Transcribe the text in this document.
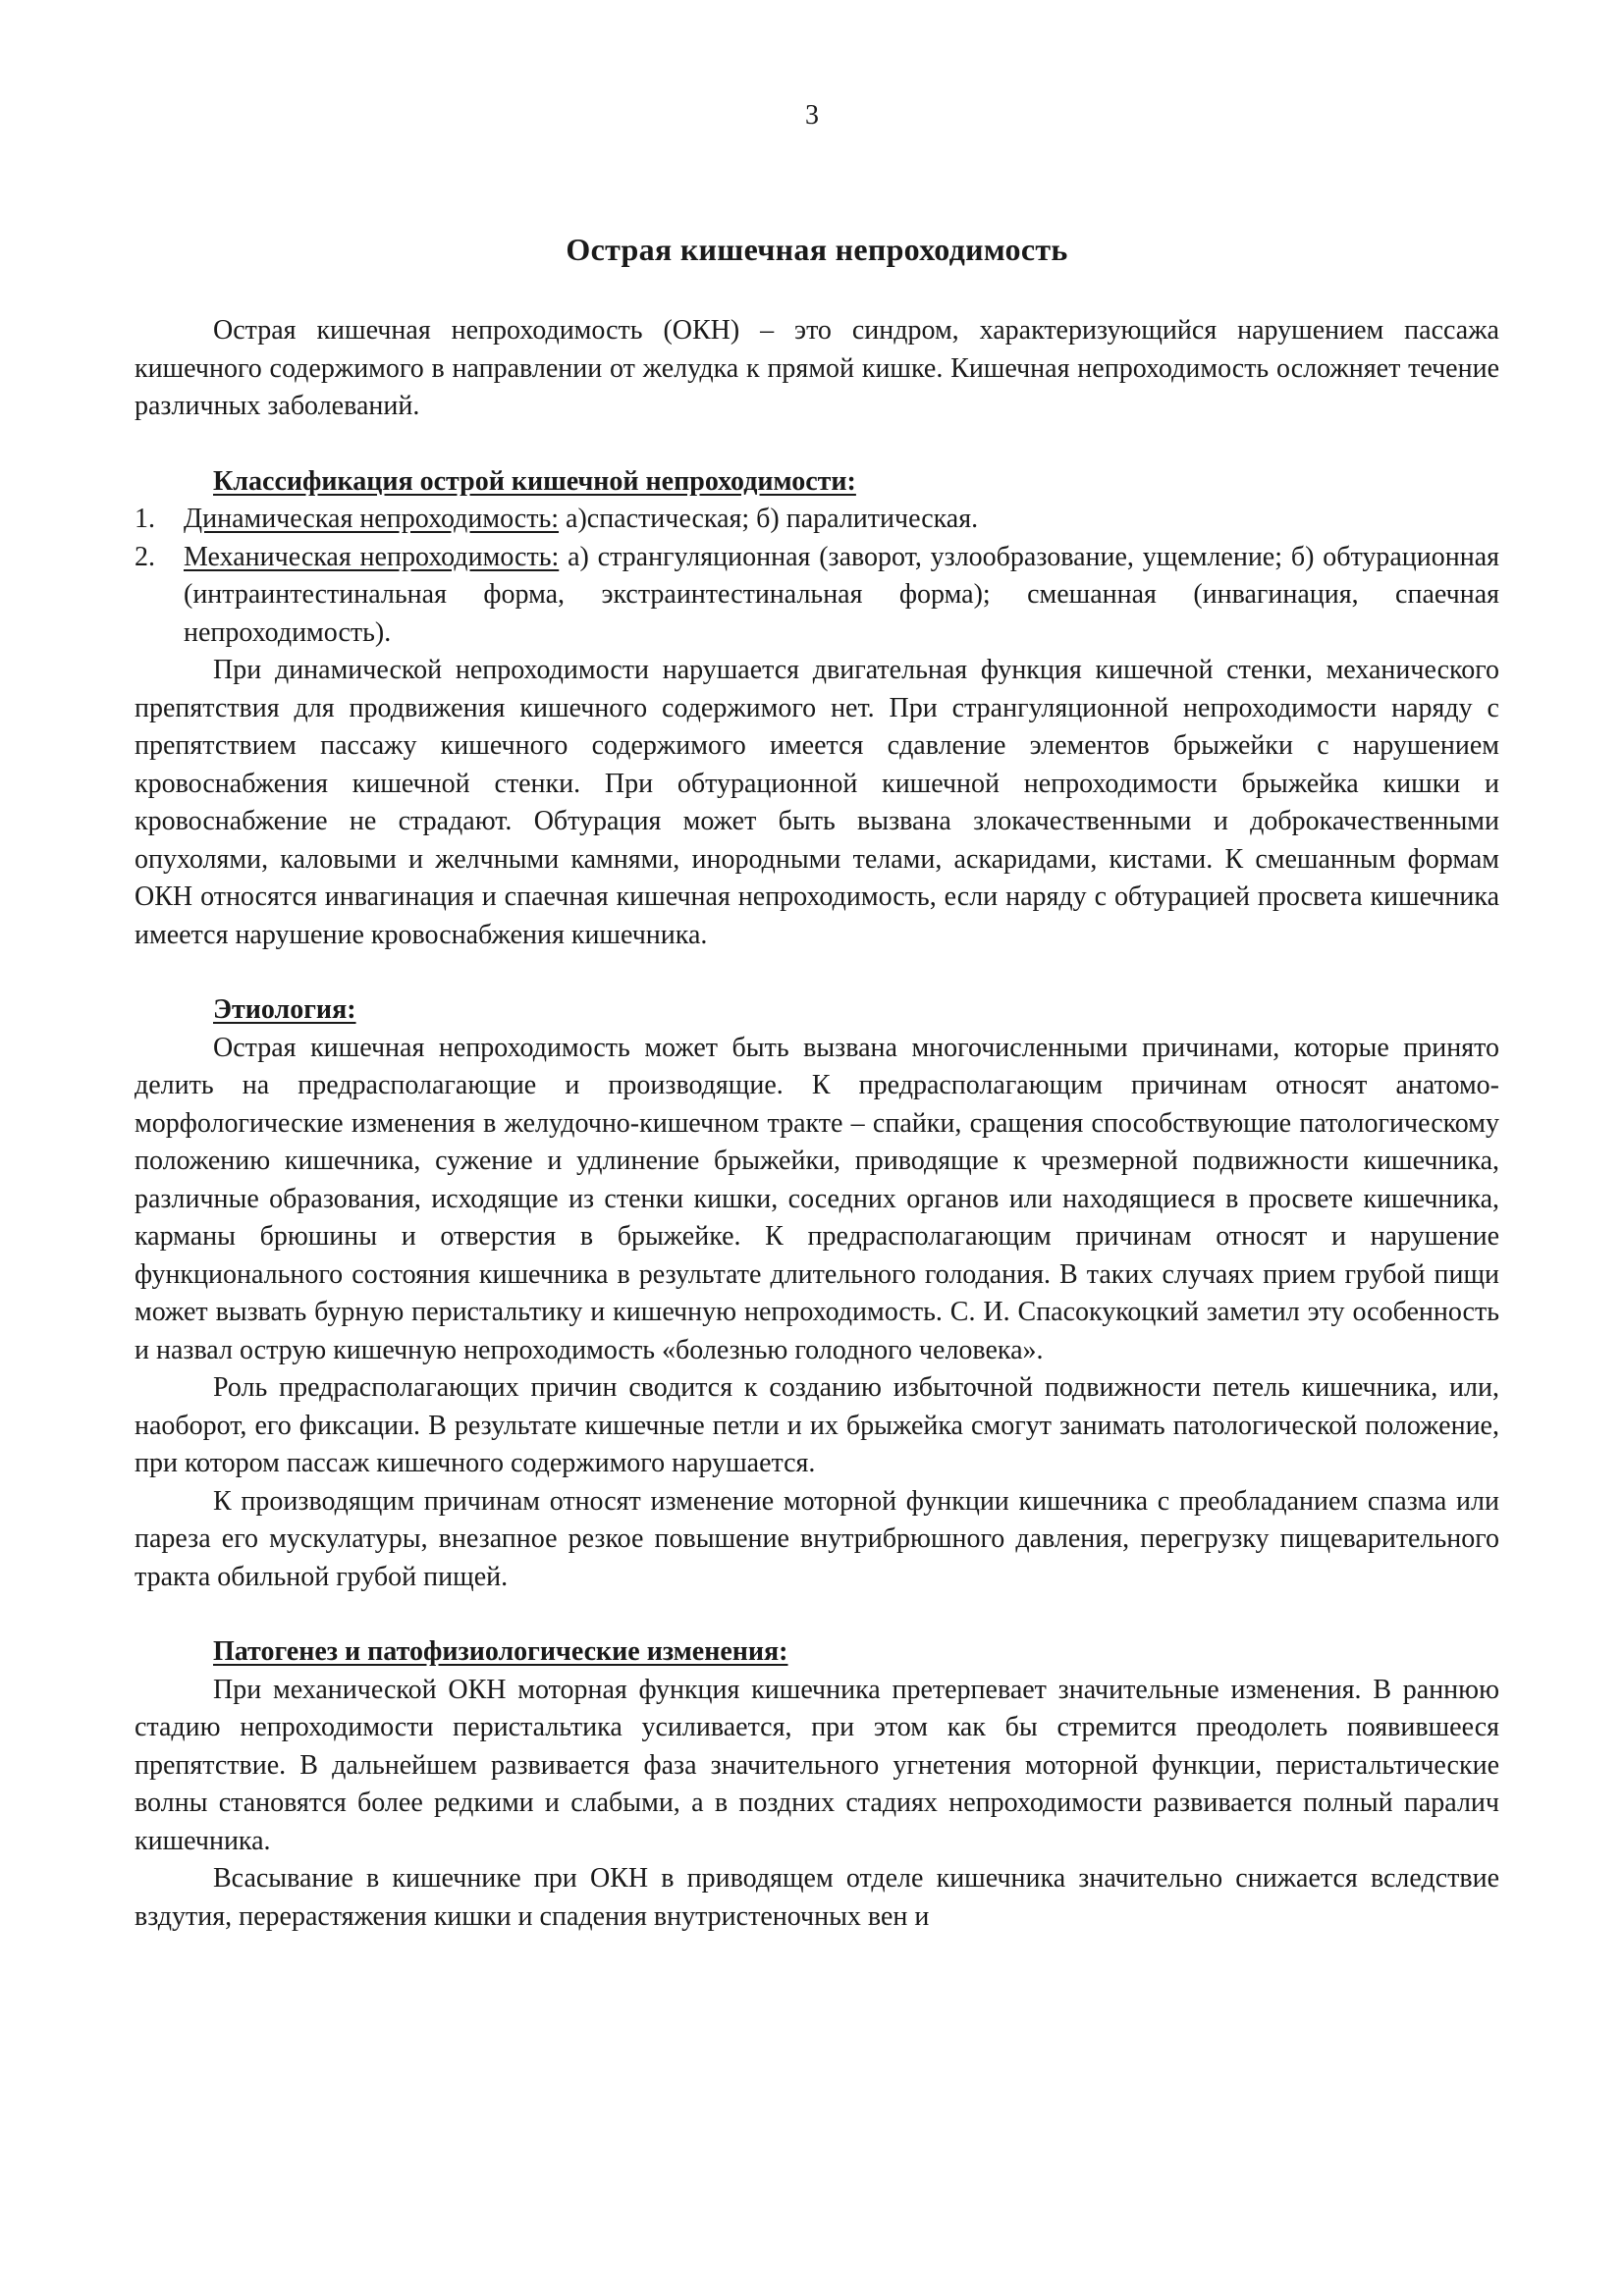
3
Острая кишечная непроходимость

Острая кишечная непроходимость (ОКН) – это синдром, характеризующийся нарушением пассажа кишечного содержимого в направлении от желудка к прямой кишке. Кишечная непроходимость осложняет течение различных заболеваний.

Классификация острой кишечной непроходимости:
1. Динамическая непроходимость: а)спастическая; б) паралитическая.
2. Механическая непроходимость: а) странгуляционная (заворот, узлообразование, ущемление; б) обтурационная (интраинтестинальная форма, экстраинтестинальная форма); смешанная (инвагинация, спаечная непроходимость).

При динамической непроходимости нарушается двигательная функция кишечной стенки, механического препятствия для продвижения кишечного содержимого нет. При странгуляционной непроходимости наряду с препятствием пассажу кишечного содержимого имеется сдавление элементов брыжейки с нарушением кровоснабжения кишечной стенки. При обтурационной кишечной непроходимости брыжейка кишки и кровоснабжение не страдают. Обтурация может быть вызвана злокачественными и доброкачественными опухолями, каловыми и желчными камнями, инородными телами, аскаридами, кистами. К смешанным формам ОКН относятся инвагинация и спаечная кишечная непроходимость, если наряду с обтурацией просвета кишечника имеется нарушение кровоснабжения кишечника.

Этиология:

Острая кишечная непроходимость может быть вызвана многочисленными причинами, которые принято делить на предрасполагающие и производящие. К предрасполагающим причинам относят анатомо-морфологические изменения в желудочно-кишечном тракте – спайки, сращения способствующие патологическому положению кишечника, сужение и удлинение брыжейки, приводящие к чрезмерной подвижности кишечника, различные образования, исходящие из стенки кишки, соседних органов или находящиеся в просвете кишечника, карманы брюшины и отверстия в брыжейке. К предрасполагающим причинам относят и нарушение функционального состояния кишечника в результате длительного голодания. В таких случаях прием грубой пищи может вызвать бурную перистальтику и кишечную непроходимость. С. И. Спасокукоцкий заметил эту особенность и назвал острую кишечную непроходимость «болезнью голодного человека».

Роль предрасполагающих причин сводится к созданию избыточной подвижности петель кишечника, или, наоборот, его фиксации. В результате кишечные петли и их брыжейка смогут занимать патологической положение, при котором пассаж кишечного содержимого нарушается.

К производящим причинам относят изменение моторной функции кишечника с преобладанием спазма или пареза его мускулатуры, внезапное резкое повышение внутрибрюшного давления, перегрузку пищеварительного тракта обильной грубой пищей.

Патогенез и патофизиологические изменения:

При механической ОКН моторная функция кишечника претерпевает значительные изменения. В раннюю стадию непроходимости перистальтика усиливается, при этом как бы стремится преодолеть появившееся препятствие. В дальнейшем развивается фаза значительного угнетения моторной функции, перистальтические волны становятся более редкими и слабыми, а в поздних стадиях непроходимости развивается полный паралич кишечника.

Всасывание в кишечнике при ОКН в приводящем отделе кишечника значительно снижается вследствие вздутия, перерастяжения кишки и спадения внутристеночных вен и
